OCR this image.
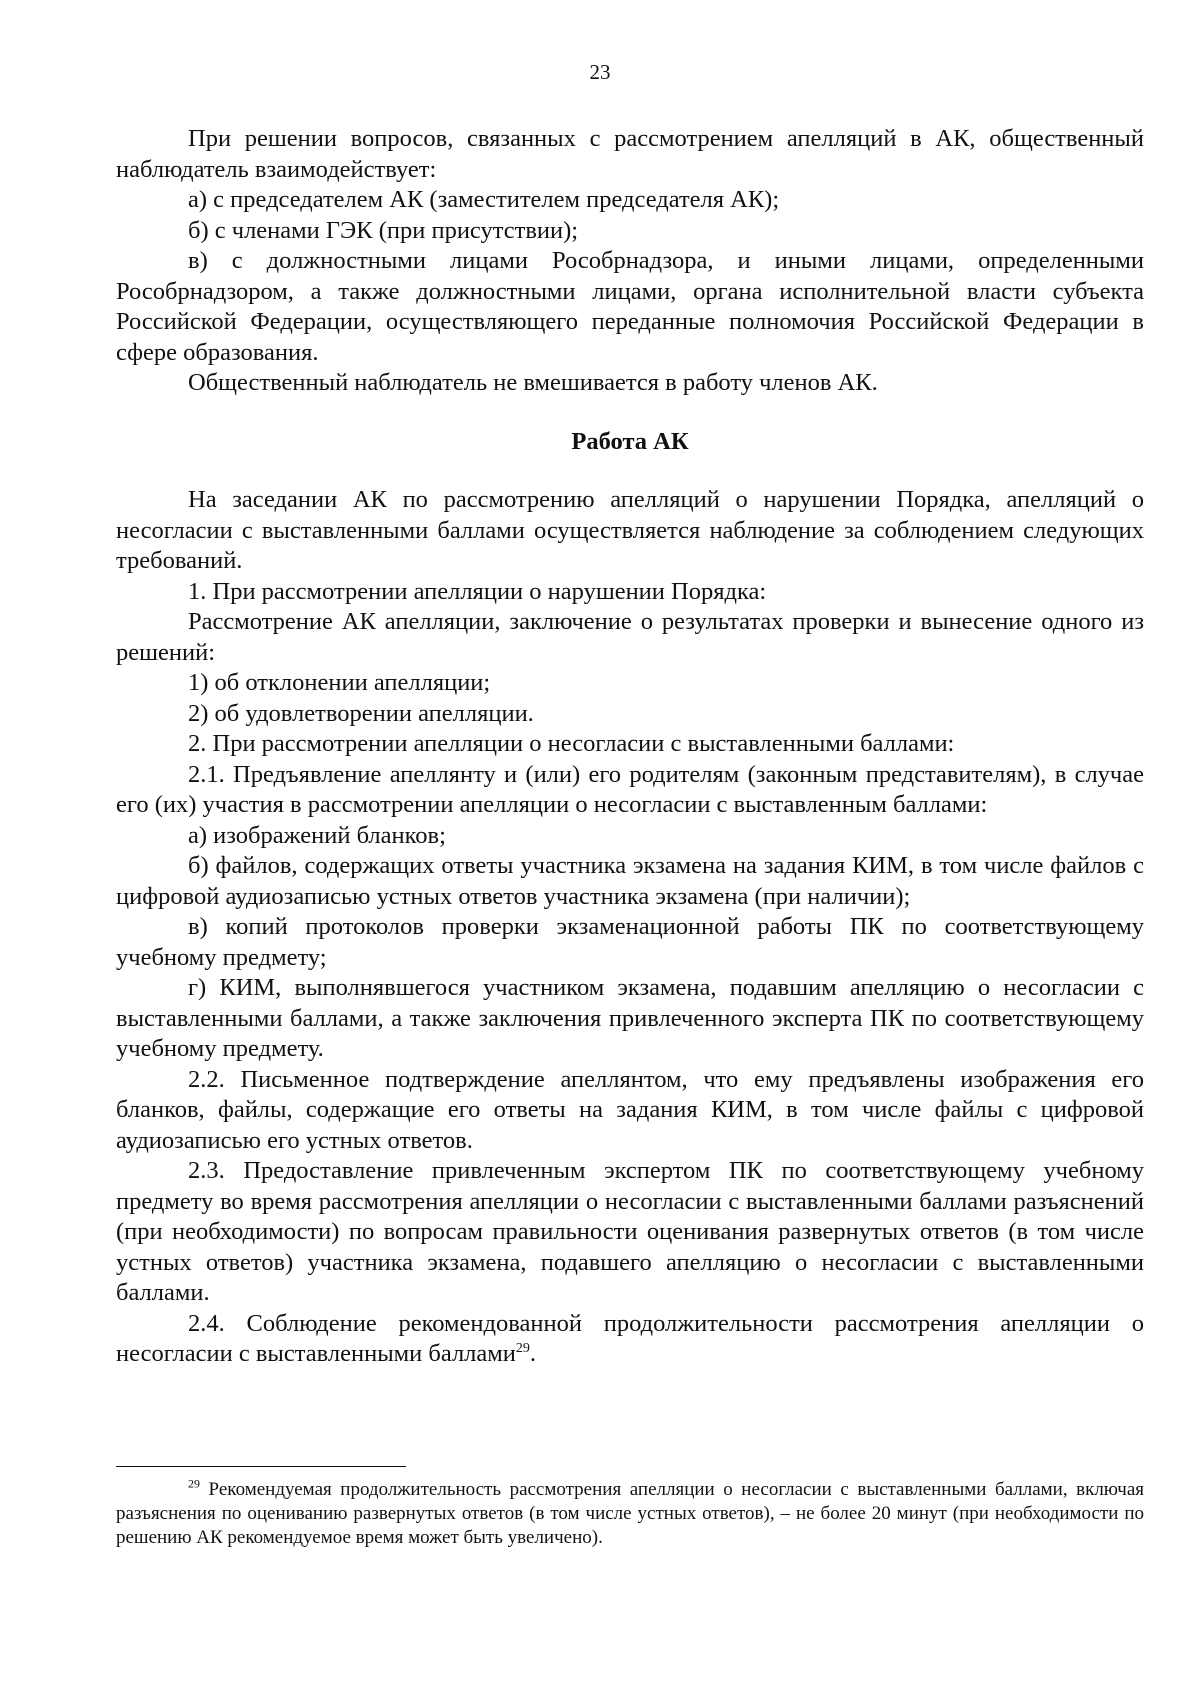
23

При решении вопросов, связанных с рассмотрением апелляций в АК, общественный наблюдатель взаимодействует:

а) с председателем АК (заместителем председателя АК);

б) с членами ГЭК (при присутствии);

в) с должностными лицами Рособрнадзора, и иными лицами, определенными Рособрнадзором, а также должностными лицами, органа исполнительной власти субъекта Российской Федерации, осуществляющего переданные полномочия Российской Федерации в сфере образования.

Общественный наблюдатель не вмешивается в работу членов АК.

Работа АК

На заседании АК по рассмотрению апелляций о нарушении Порядка, апелляций о несогласии с выставленными баллами осуществляется наблюдение за соблюдением следующих требований.

1. При рассмотрении апелляции о нарушении Порядка:

Рассмотрение АК апелляции, заключение о результатах проверки и вынесение одного из решений:

1) об отклонении апелляции;

2) об удовлетворении апелляции.

2. При рассмотрении апелляции о несогласии с выставленными баллами:

2.1. Предъявление апеллянту и (или) его родителям (законным представителям), в случае его (их) участия в рассмотрении апелляции о несогласии с выставленным баллами:

а) изображений бланков;

б) файлов, содержащих ответы участника экзамена на задания КИМ, в том числе файлов с цифровой аудиозаписью устных ответов участника экзамена (при наличии);

в) копий протоколов проверки экзаменационной работы ПК по соответствующему учебному предмету;

г) КИМ, выполнявшегося участником экзамена, подавшим апелляцию о несогласии с выставленными баллами, а также заключения привлеченного эксперта ПК по соответствующему учебному предмету.

2.2. Письменное подтверждение апеллянтом, что ему предъявлены изображения его бланков, файлы, содержащие его ответы на задания КИМ, в том числе файлы с цифровой аудиозаписью его устных ответов.

2.3. Предоставление привлеченным экспертом ПК по соответствующему учебному предмету во время рассмотрения апелляции о несогласии с выставленными баллами разъяснений (при необходимости) по вопросам правильности оценивания развернутых ответов (в том числе устных ответов) участника экзамена, подавшего апелляцию о несогласии с выставленными баллами.

2.4. Соблюдение рекомендованной продолжительности рассмотрения апелляции о несогласии с выставленными баллами$^{29}$.

$^{29}$ Рекомендуемая продолжительность рассмотрения апелляции о несогласии с выставленными баллами, включая разъяснения по оцениванию развернутых ответов (в том числе устных ответов), – не более 20 минут (при необходимости по решению АК рекомендуемое время может быть увеличено).
